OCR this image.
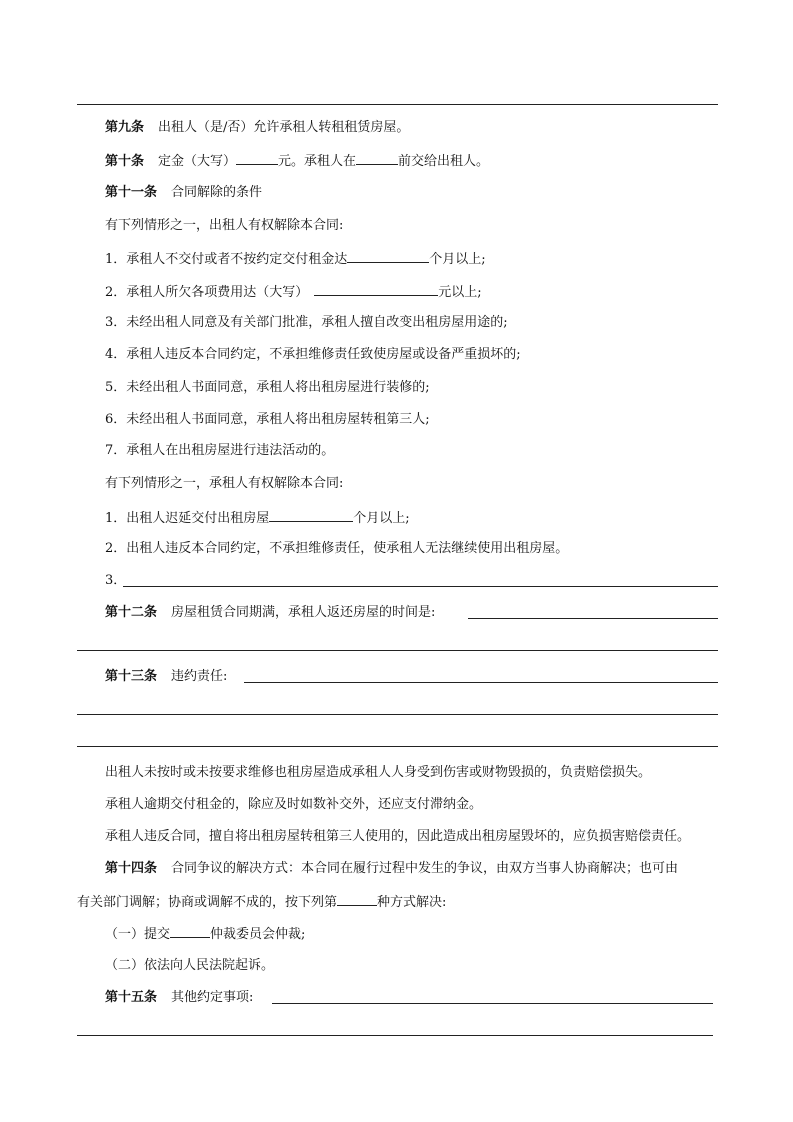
第九条 出租人（是/否）允许承租人转租租赁房屋。
第十条 定金（大写）	元。承租人在	前交给出租人。
第十一条 合同解除的条件
有下列情形之一，出租人有权解除本合同:
1．承租人不交付或者不按约定交付租金达	个月以上;
2．承租人所欠各项费用达（大写）	元以上;
3．未经出租人同意及有关部门批准，承租人擅自改变出租房屋用途的;
4．承租人违反本合同约定，不承担维修责任致使房屋或设备严重损坏的;
5．未经出租人书面同意，承租人将出租房屋进行装修的;
6．未经出租人书面同意，承租人将出租房屋转租第三人;
7．承租人在出租房屋进行违法活动的。
有下列情形之一，承租人有权解除本合同:
1．出租人迟延交付出租房屋	个月以上;
2．出租人违反本合同约定，不承担维修责任，使承租人无法继续使用出租房屋。
3．
第十二条 房屋租赁合同期满，承租人返还房屋的时间是:
第十三条 违约责任:
出租人未按时或未按要求维修也租房屋造成承租人人身受到伤害或财物毁损的，负责赔偿损失。
承租人逾期交付租金的，除应及时如数补交外，还应支付滞纳金。
承租人违反合同，擅自将出租房屋转租第三人使用的，因此造成出租房屋毁坏的，应负损害赔偿责任。
第十四条 合同争议的解决方式：本合同在履行过程中发生的争议，由双方当事人协商解决；也可由
有关部门调解；协商或调解不成的，按下列第	种方式解决:
（一）提交	仲裁委员会仲裁;
（二）依法向人民法院起诉。
第十五条 其他约定事项:
